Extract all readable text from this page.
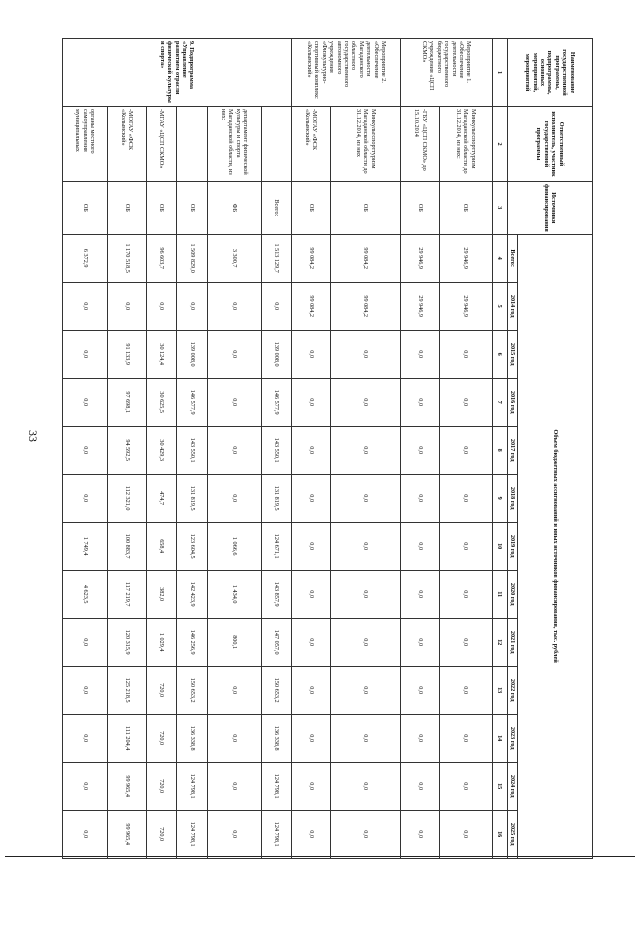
33
Наименование государственной программы, подпрограммы, основных мероприятий, мероприятий	Ответственный исполнитель, участник государственной программы	Источники финансирования	Объем бюджетных ассигнований и иных источников финансирования, тыс. рублей												
			Всего:	2014 год	2015 год	2016 год	2017 год	2018 год	2019 год	2020 год	2021 год	2022 год	2023 год	2024 год	2025 год
1	2	3	4	5	6	7	8	9	10	11	12	13	14	15	16
Мероприятие 1. «Обеспечение деятельности государственного бюджетного учреждения «ЦСП СКМО»	Минкультспорттуризм Магаданской области до 31.12.2014, из них:	ОБ	29 946,9	29 946,9	0,0	0,0	0,0	0,0	0,0	0,0	0,0	0,0	0,0	0,0	0,0
	-ГБУ «ЦСП СКМО» до 15.10.2014	ОБ	29 946,9	29 946,9	0,0	0,0	0,0	0,0	0,0	0,0	0,0	0,0	0,0	0,0	0,0
Мероприятие 2. «Обеспечение деятельности Магаданского областного государственного автономного учреждения «Физкультурно-спортивный комплекс «Колымский»	Минкультспорттуризм Магаданской области до 31.12.2014, из них	ОБ	99 084,2	99 084,2	0,0	0,0	0,0	0,0	0,0	0,0	0,0	0,0	0,0	0,0	0,0
	-МОГАУ «ФСК «Колымский»	ОБ	99 084,2	99 084,2	0,0	0,0	0,0	0,0	0,0	0,0	0,0	0,0	0,0	0,0	0,0
9. Подпрограмма «Управление развитием отрасли физической культуры и спорта»		Всего:	1 513 129,7	0,0	139 008,0	146 577,9	143 550,1	131 819,5	124 671,1	143 857,9	147 057,0	150 653,2	136 338,8	124 798,1	124 798,1
	департамент физической культуры и спорта Магаданской области, из них:	ФБ	3 300,7	0,0	0,0	0,0	0,0	0,0	1 066,6	1 434,0	800,1	0,0	0,0	0,0	0,0
		ОБ	1 509 829,0	0,0	139 008,0	146 577,9	143 550,1	131 819,5	123 604,5	142 423,9	146 256,9	150 653,2	136 338,8	124 798,1	124 798,1
	-МГАУ «ЦСП СКМО»	ОБ	96 603,7	0,0	30 124,4	30 625,5	30 429,3	474,7	658,4	382,0	1 029,4	720,0	720,0	720,0	720,0
	-МОГАУ «ФСК «Колымский»	ОБ	1 170 518,5	0,0	91 133,9	97 698,1	94 592,5	112 321,0	100 883,7	117 219,7	120 315,9	125 218,5	111 204,4	99 965,4	99 965,4
	органы местного самоуправления муниципальных	ОБ	6 372,9	0,0	0,0	0,0	0,0	0,0	1 749,4	4 623,5	0,0	0,0	0,0	0,0	0,0
